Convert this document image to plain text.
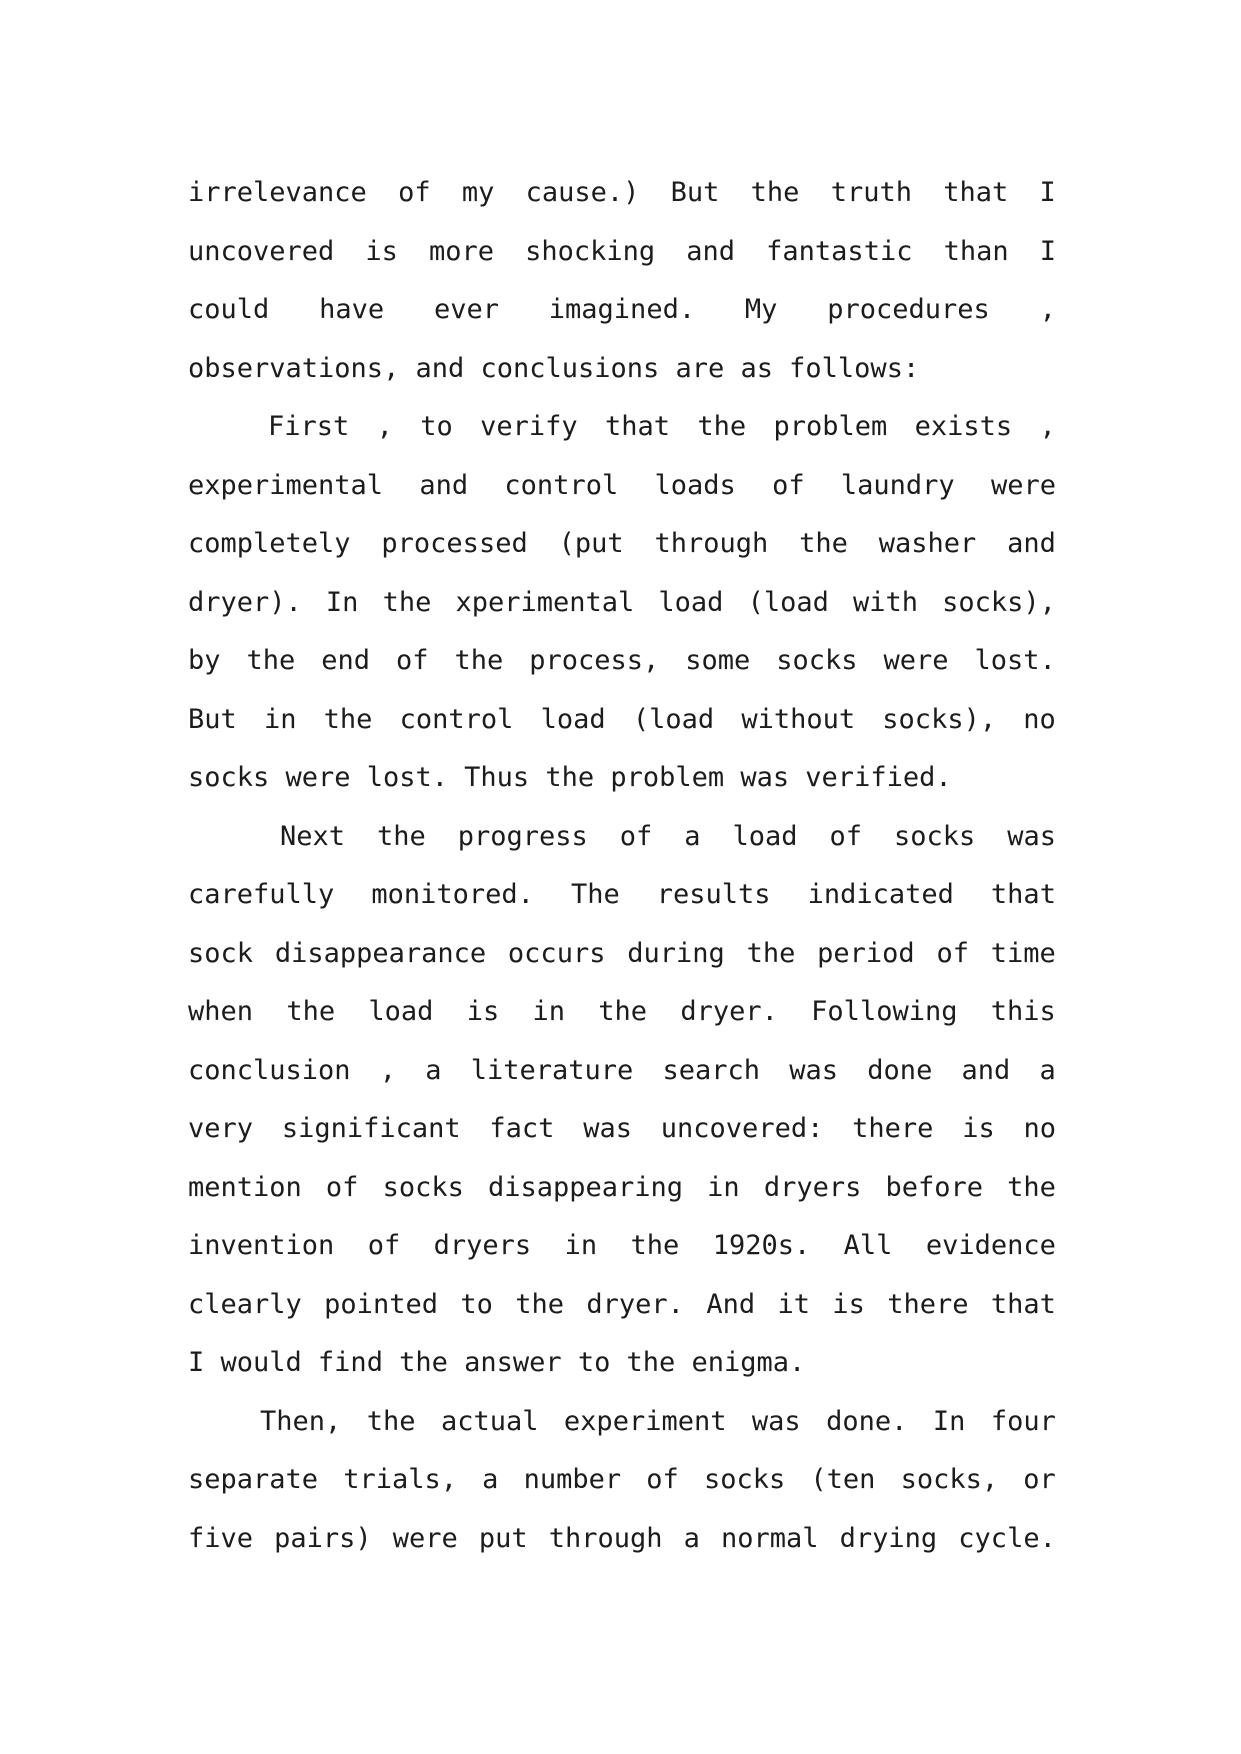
irrelevance
of
my
cause.)
But
the
truth
that
I
uncovered
is
more
shocking
and
fantastic
than
I
could
have
ever
imagined.
My
procedures
,
observations,
and
conclusions
are
as
follows:
First
,
to
verify
that
the
problem
exists
,
experimental
and
control
loads
of
laundry
were
completely
processed
(put
through
the
washer
and
dryer).
In
the
xperimental
load
(load
with
socks),
by
the
end
of
the
process,
some
socks
were
lost.
But
in
the
control
load
(load
without
socks),
no
socks
were
lost.
Thus
the
problem
was
verified.
Next
the
progress
of
a
load
of
socks
was
carefully
monitored.
The
results
indicated
that
sock
disappearance
occurs
during
the
period
of
time
when
the
load
is
in
the
dryer.
Following
this
conclusion
,
a
literature
search
was
done
and
a
very
significant
fact
was
uncovered:
there
is
no
mention
of
socks
disappearing
in
dryers
before
the
invention
of
dryers
in
the
1920s.
All
evidence
clearly
pointed
to
the
dryer.
And
it
is
there
that
I
would
find
the
answer
to
the
enigma.
Then,
the
actual
experiment
was
done.
In
four
separate
trials,
a
number
of
socks
(ten
socks,
or
five
pairs)
were
put
through
a
normal
drying
cycle.
